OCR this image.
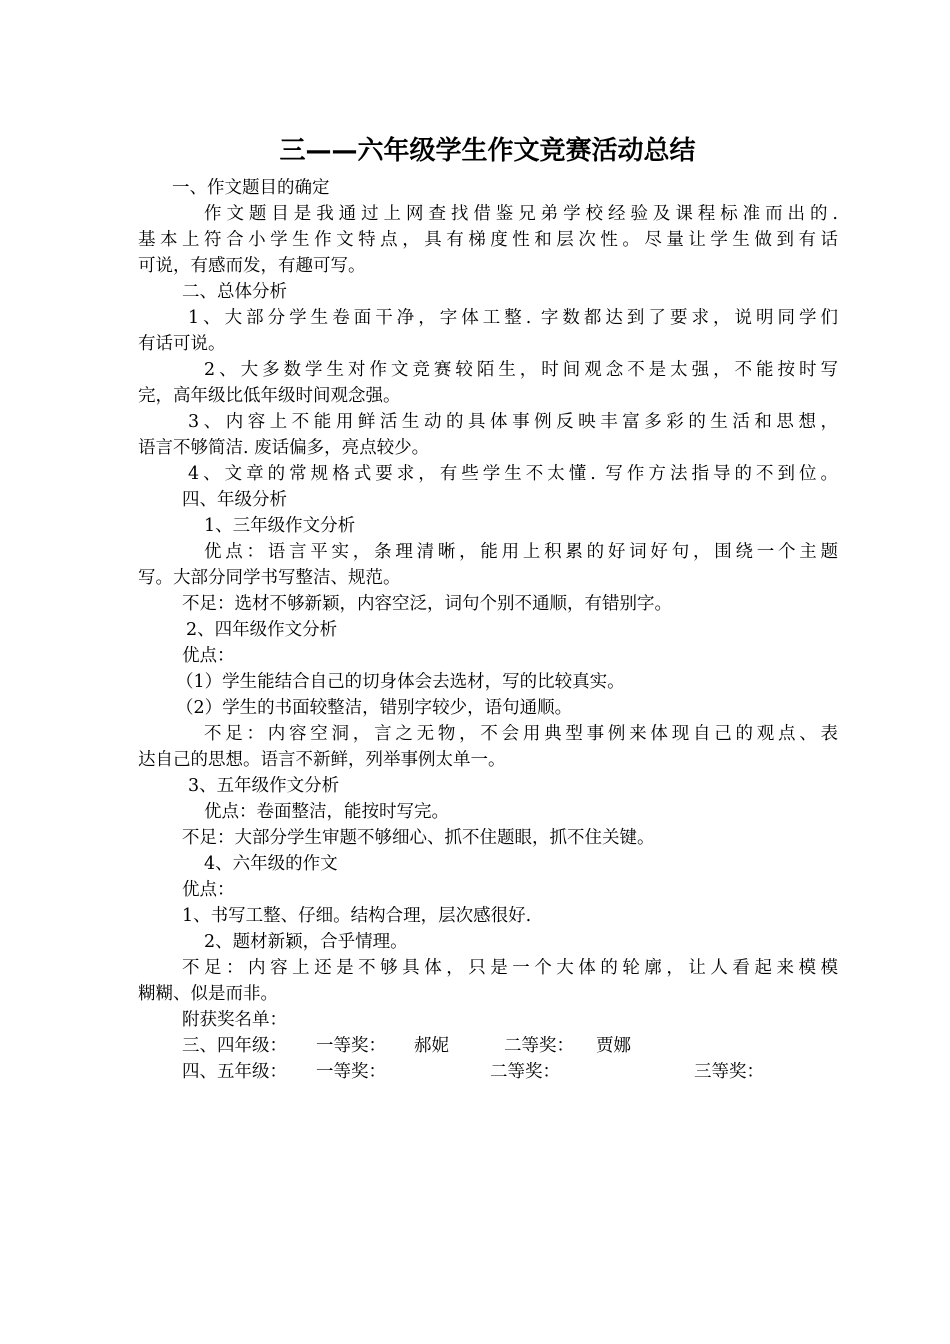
三——六年级学生作文竞赛活动总结
一、作文题目的确定
作文题目是我通过上网查找借鉴兄弟学校经验及课程标准而出的.
基本上符合小学生作文特点，具有梯度性和层次性。尽量让学生做到有话
可说，有感而发，有趣可写。
二、总体分析
1、大部分学生卷面干净，字体工整. 字数都达到了要求，说明同学们
有话可说。
2、大多数学生对作文竞赛较陌生，时间观念不是太强，不能按时写
完，高年级比低年级时间观念强。
3、内容上不能用鲜活生动的具体事例反映丰富多彩的生活和思想，
语言不够简洁. 废话偏多，亮点较少。
4、文章的常规格式要求，有些学生不太懂. 写作方法指导的不到位。
四、年级分析
1、三年级作文分析
优点：语言平实，条理清晰，能用上积累的好词好句，围绕一个主题
写。大部分同学书写整洁、规范。
不足：选材不够新颖，内容空泛，词句个别不通顺，有错别字。
2、四年级作文分析
优点：
（1）学生能结合自己的切身体会去选材，写的比较真实。
（2）学生的书面较整洁，错别字较少，语句通顺。
不足：内容空洞，言之无物，不会用典型事例来体现自己的观点、表
达自己的思想。语言不新鲜，列举事例太单一。
3、五年级作文分析
优点：卷面整洁，能按时写完。
不足：大部分学生审题不够细心、抓不住题眼，抓不住关键。
4、六年级的作文
优点：
1、书写工整、仔细。结构合理，层次感很好.
2、题材新颖，合乎情理。
不足：内容上还是不够具体，只是一个大体的轮廓，让人看起来模模
糊糊、似是而非。
附获奖名单：
三、四年级： 一等奖： 郝妮	二等奖： 贾娜
四、五年级： 一等奖：	二等奖：	三等奖：
